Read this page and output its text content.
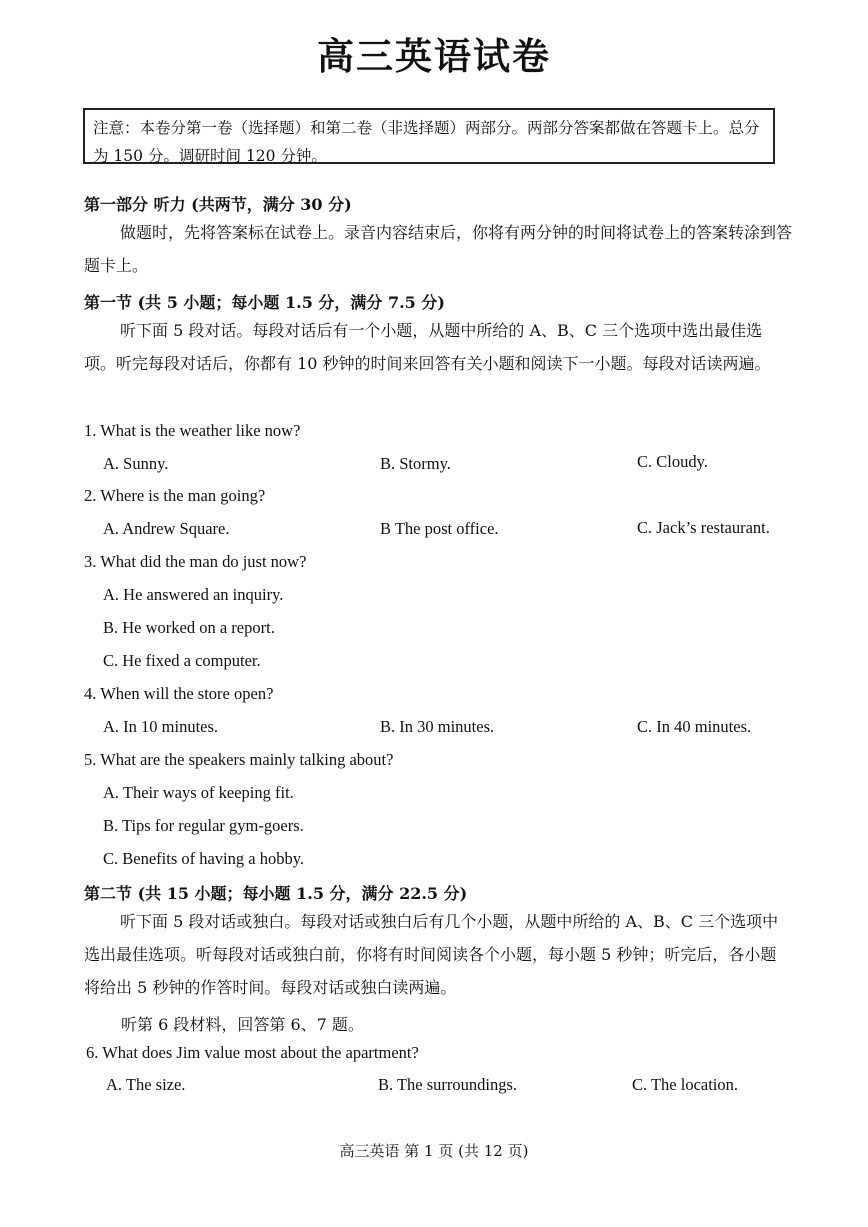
高三英语试卷
注意：本卷分第一卷（选择题）和第二卷（非选择题）两部分。两部分答案都做在答题卡上。总分为 150 分。调研时间 120 分钟。
第一部分 听力 (共两节，满分 30 分)
做题时，先将答案标在试卷上。录音内容结束后，你将有两分钟的时间将试卷上的答案转涂到答题卡上。
第一节 (共 5 小题；每小题 1.5 分，满分 7.5 分)
听下面 5 段对话。每段对话后有一个小题，从题中所给的 A、B、C 三个选项中选出最佳选项。听完每段对话后，你都有 10 秒钟的时间来回答有关小题和阅读下一小题。每段对话读两遍。
1. What is the weather like now?
A. Sunny.	B. Stormy.	C. Cloudy.
2. Where is the man going?
A. Andrew Square.	B The post office.	C. Jack’s restaurant.
3. What did the man do just now?
A. He answered an inquiry.
B. He worked on a report.
C. He fixed a computer.
4. When will the store open?
A. In 10 minutes.	B. In 30 minutes.	C. In 40 minutes.
5. What are the speakers mainly talking about?
A. Their ways of keeping fit.
B. Tips for regular gym-goers.
C. Benefits of having a hobby.
第二节 (共 15 小题；每小题 1.5 分，满分 22.5 分)
听下面 5 段对话或独白。每段对话或独白后有几个小题，从题中所给的 A、B、C 三个选项中选出最佳选项。听每段对话或独白前，你将有时间阅读各个小题，每小题 5 秒钟；听完后，各小题将给出 5 秒钟的作答时间。每段对话或独白读两遍。
听第 6 段材料，回答第 6、7 题。
6. What does Jim value most about the apartment?
A. The size.	B. The surroundings.	C. The location.
高三英语 第 1 页 (共 12 页)
